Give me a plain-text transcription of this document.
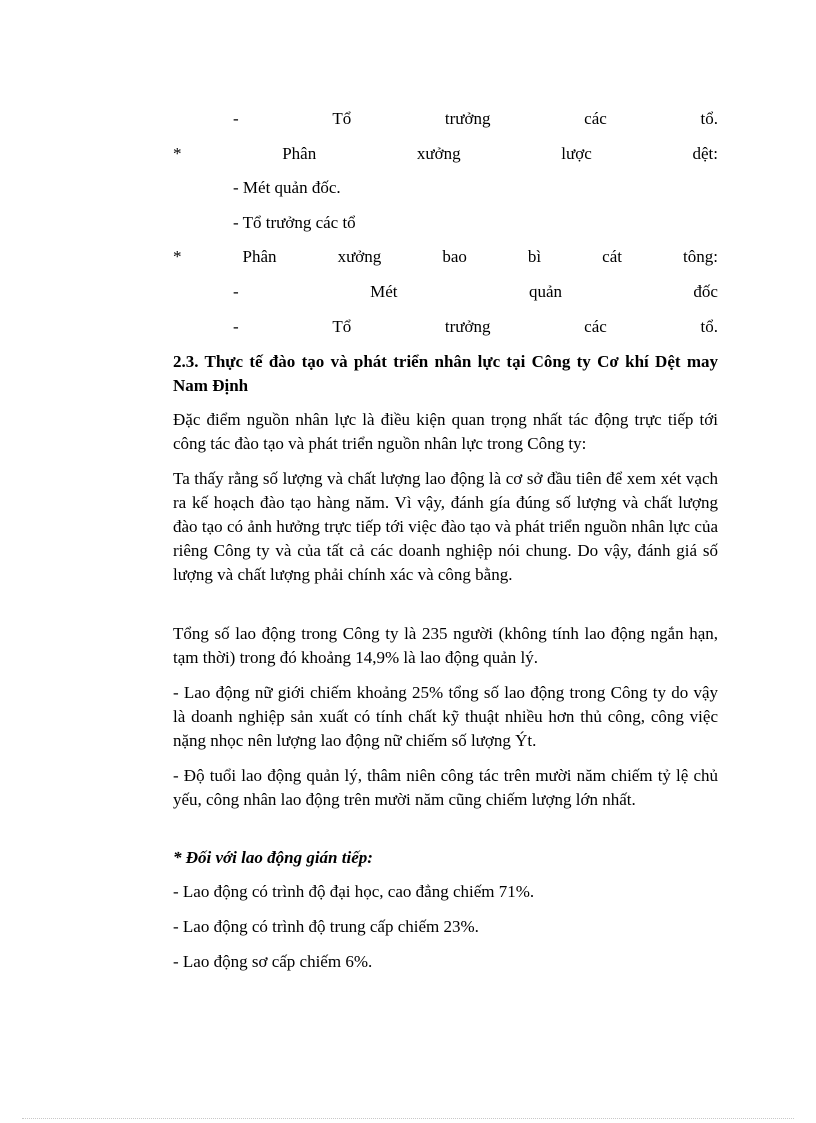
-	Tổ	trưởng	các	tổ.
*	Phân	xưởng	lược	dệt:
- Mét quản đốc.
- Tổ trưởng các tổ
*	Phân	xưởng	bao	bì	cát	tông:
-	Mét	quản	đốc
-	Tổ	trưởng	các	tổ.
2.3. Thực tế đào tạo và phát triển nhân lực tại Công ty Cơ khí Dệt may Nam Định
Đặc điểm nguồn nhân lực là điều kiện quan trọng nhất tác động trực tiếp tới công tác đào tạo và phát triển nguồn nhân lực trong Công ty:
Ta thấy rằng số lượng và chất lượng lao động là cơ sở đầu tiên để xem xét vạch ra kế hoạch đào tạo hàng năm. Vì vậy, đánh gía đúng số lượng và chất lượng đào tạo có ảnh hưởng trực tiếp tới việc đào tạo và phát triển nguồn nhân lực của riêng Công ty và của tất cả các doanh nghiệp nói chung. Do vậy, đánh giá số lượng và chất lượng phải chính xác và công bằng.
Tổng số lao động trong Công ty là 235 người (không tính lao động ngắn hạn, tạm thời) trong đó khoảng 14,9% là lao động quản lý.
- Lao động nữ giới chiếm khoảng 25% tổng số lao động trong Công ty do vậy là doanh nghiệp sản xuất có tính chất kỹ thuật nhiều hơn thủ công, công việc nặng nhọc nên lượng lao động nữ chiếm số lượng Ýt.
- Độ tuổi lao động quản lý, thâm niên công tác trên mười năm chiếm tỷ lệ chủ yếu, công nhân lao động trên mười năm cũng chiếm lượng lớn nhất.
* Đối với lao động gián tiếp:
- Lao động có trình độ đại học, cao đẳng chiếm 71%.
- Lao động có trình độ trung cấp chiếm 23%.
- Lao động sơ cấp chiếm 6%.
